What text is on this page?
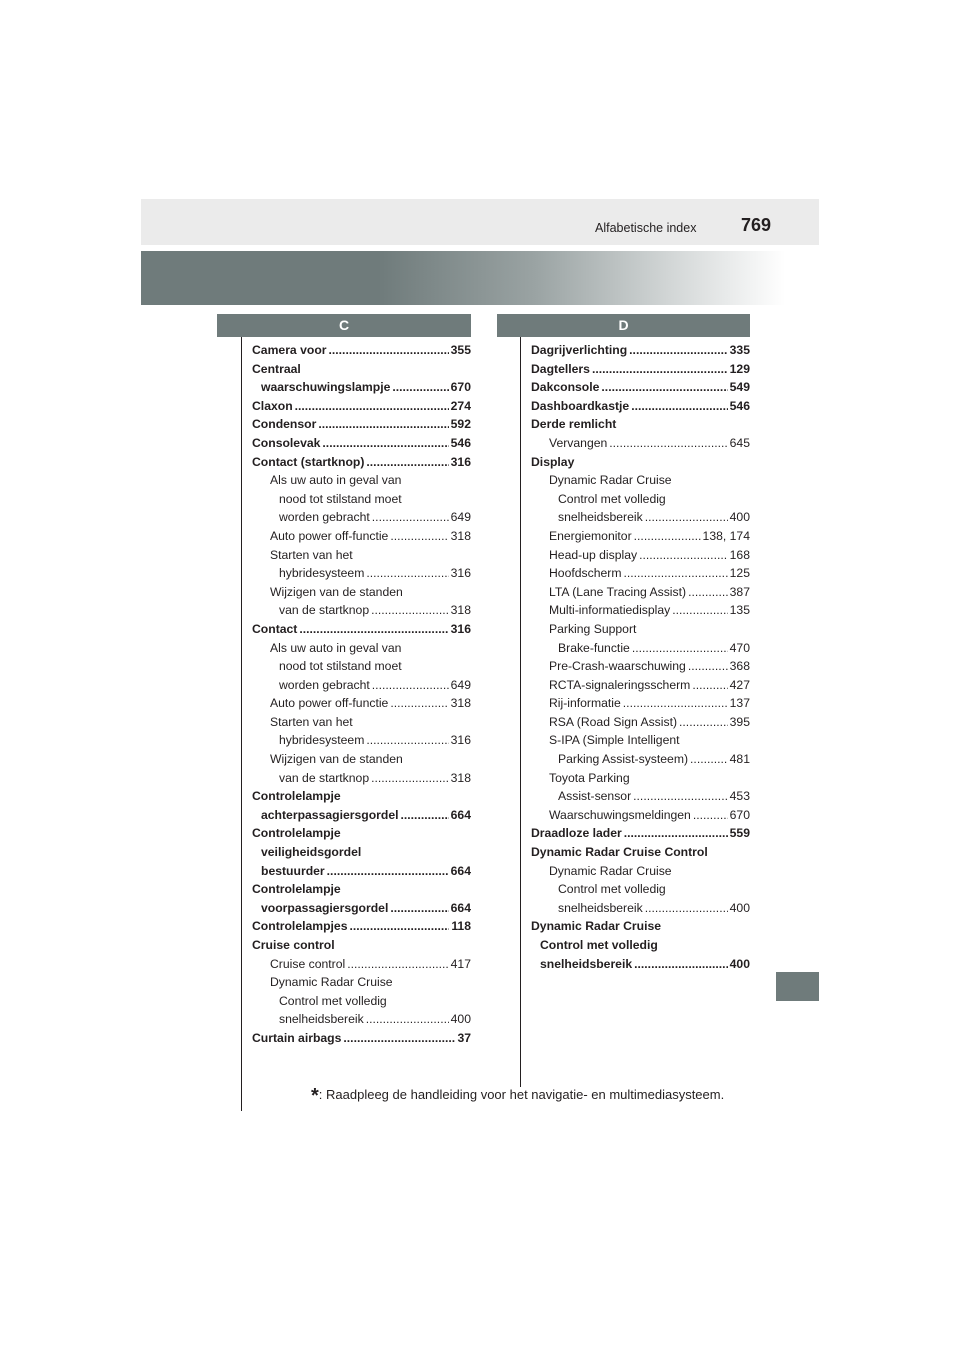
Alfabetische index 769
C	D
Camera voor .....	355
Centraal
waarschuwingslampje .....	670
Claxon .....	274
Condensor .....	592
Consolevak .....	546
Contact (startknop) .....	316
Als uw auto in geval van
nood tot stilstand moet
worden gebracht .....	649
Auto power off-functie .....	318
Starten van het
hybridesysteem .....	316
Wijzigen van de standen
van de startknop .....	318
Contact .....	316
Als uw auto in geval van
nood tot stilstand moet
worden gebracht .....	649
Auto power off-functie .....	318
Starten van het
hybridesysteem .....	316
Wijzigen van de standen
van de startknop .....	318
Controlelampje
achterpassagiersgordel .....	664
Controlelampje
veiligheidsgordel
bestuurder .....	664
Controlelampje
voorpassagiersgordel .....	664
Controlelampjes .....	118
Cruise control
Cruise control .....	417
Dynamic Radar Cruise
Control met volledig
snelheidsbereik .....	400
Curtain airbags .....	37
Dagrijverlichting .....	335
Dagtellers .....	129
Dakconsole .....	549
Dashboardkastje .....	546
Derde remlicht
Vervangen .....	645
Display
Dynamic Radar Cruise
Control met volledig
snelheidsbereik .....	400
Energiemonitor .....	138, 174
Head-up display .....	168
Hoofdscherm .....	125
LTA (Lane Tracing Assist) .....	387
Multi-informatiedisplay .....	135
Parking Support
Brake-functie .....	470
Pre-Crash-waarschuwing .....	368
RCTA-signaleringsscherm .....	427
Rij-informatie .....	137
RSA (Road Sign Assist) .....	395
S-IPA (Simple Intelligent
Parking Assist-systeem) .....	481
Toyota Parking
Assist-sensor .....	453
Waarschuwingsmeldingen .....	670
Draadloze lader .....	559
Dynamic Radar Cruise Control
Dynamic Radar Cruise
Control met volledig
snelheidsbereik .....	400
Dynamic Radar Cruise
Control met volledig
snelheidsbereik .....	400
*: Raadpleeg de handleiding voor het navigatie- en multimediasysteem.
